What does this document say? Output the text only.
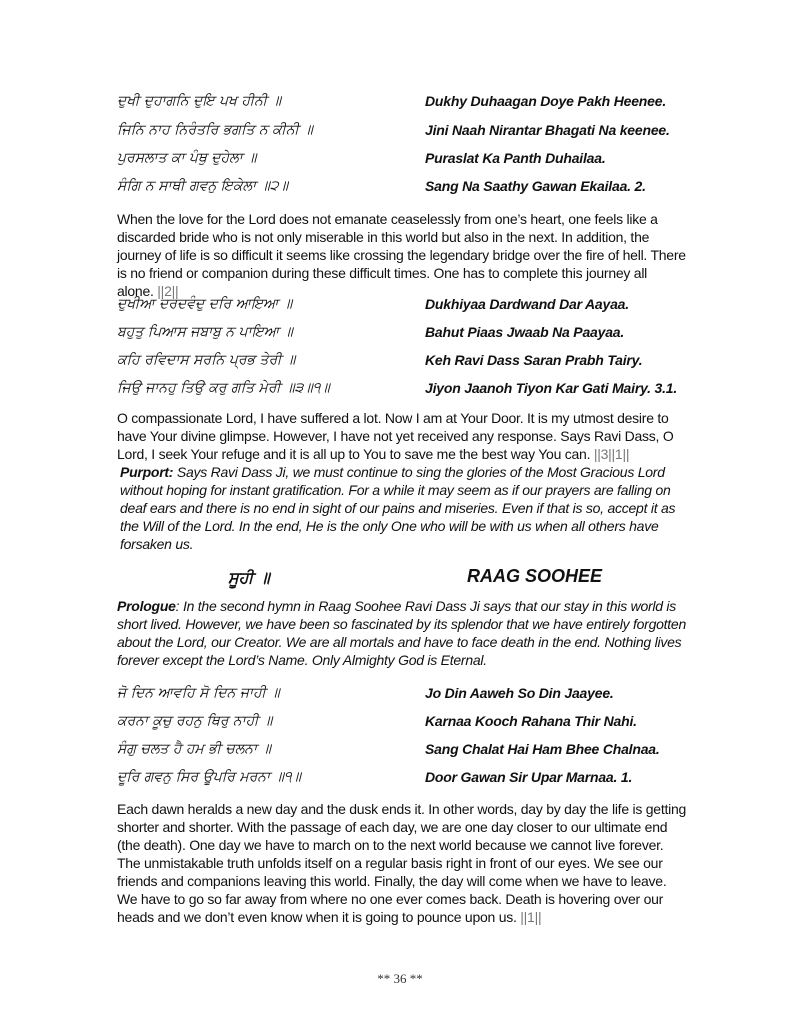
ਦੁਖੀ ਦੁਹਾਗਨਿ ਦੁਇ ਪਖ ਹੀਨੀ ॥	Dukhy Duhaagan Doye Pakh Heenee.
ਜਿਨਿ ਨਾਹ ਨਿਰੰਤਰਿ ਭਗਤਿ ਨ ਕੀਨੀ ॥	Jini Naah Nirantar Bhagati Na keenee.
ਪੁਰਸਲਾਤ ਕਾ ਪੰਥੁ ਦੁਹੇਲਾ ॥	Puraslat Ka Panth Duhailaa.
ਸੰਗਿ ਨ ਸਾਥੀ ਗਵਨੁ ਇਕੇਲਾ ॥੨॥	Sang Na Saathy Gawan Ekailaa. 2.

When the love for the Lord does not emanate ceaselessly from one’s heart, one feels like a discarded bride who is not only miserable in this world but also in the next. In addition, the journey of life is so difficult it seems like crossing the legendary bridge over the fire of hell. There is no friend or companion during these difficult times. One has to complete this journey all alone. ||2||

ਦੁਖੀਆ ਦਰਦਵੰਦੁ ਦਰਿ ਆਇਆ ॥	Dukhiyaa Dardwand Dar Aayaa.
ਬਹੁਤੁ ਪਿਆਸ ਜਬਾਬੁ ਨ ਪਾਇਆ ॥	Bahut Piaas Jwaab Na Paayaa.
ਕਹਿ ਰਵਿਦਾਸ ਸਰਨਿ ਪ੍ਰਭ ਤੇਰੀ ॥	Keh Ravi Dass Saran Prabh Tairy.
ਜਿਉ ਜਾਨਹੁ ਤਿਉ ਕਰੁ ਗਤਿ ਮੇਰੀ ॥੩॥੧॥	Jiyon Jaanoh Tiyon Kar Gati Mairy. 3.1.

O compassionate Lord, I have suffered a lot. Now I am at Your Door. It is my utmost desire to have Your divine glimpse. However, I have not yet received any response. Says Ravi Dass, O Lord, I seek Your refuge and it is all up to You to save me the best way You can. ||3||1||

Purport: Says Ravi Dass Ji, we must continue to sing the glories of the Most Gracious Lord without hoping for instant gratification. For a while it may seem as if our prayers are falling on deaf ears and there is no end in sight of our pains and miseries. Even if that is so, accept it as the Will of the Lord. In the end, He is the only One who will be with us when all others have forsaken us.

ਸੂਹੀ ॥	RAAG SOOHEE

Prologue: In the second hymn in Raag Soohee Ravi Dass Ji says that our stay in this world is short lived. However, we have been so fascinated by its splendor that we have entirely forgotten about the Lord, our Creator. We are all mortals and have to face death in the end. Nothing lives forever except the Lord’s Name. Only Almighty God is Eternal.

ਜੋ ਦਿਨ ਆਵਹਿ ਸੋ ਦਿਨ ਜਾਹੀ ॥	Jo Din Aaweh So Din Jaayee.
ਕਰਨਾ ਕੂਚੁ ਰਹਨੁ ਥਿਰੁ ਨਾਹੀ ॥	Karnaa Kooch Rahana Thir Nahi.
ਸੰਗੁ ਚਲਤ ਹੈ ਹਮ ਭੀ ਚਲਨਾ ॥	Sang Chalat Hai Ham Bhee Chalnaa.
ਦੂਰਿ ਗਵਨੁ ਸਿਰ ਊਪਰਿ ਮਰਨਾ ॥੧॥	Door Gawan Sir Upar Marnaa. 1.

Each dawn heralds a new day and the dusk ends it. In other words, day by day the life is getting shorter and shorter. With the passage of each day, we are one day closer to our ultimate end (the death). One day we have to march on to the next world because we cannot live forever. The unmistakable truth unfolds itself on a regular basis right in front of our eyes. We see our friends and companions leaving this world. Finally, the day will come when we have to leave. We have to go so far away from where no one ever comes back. Death is hovering over our heads and we don’t even know when it is going to pounce upon us. ||1||

** 36 **
